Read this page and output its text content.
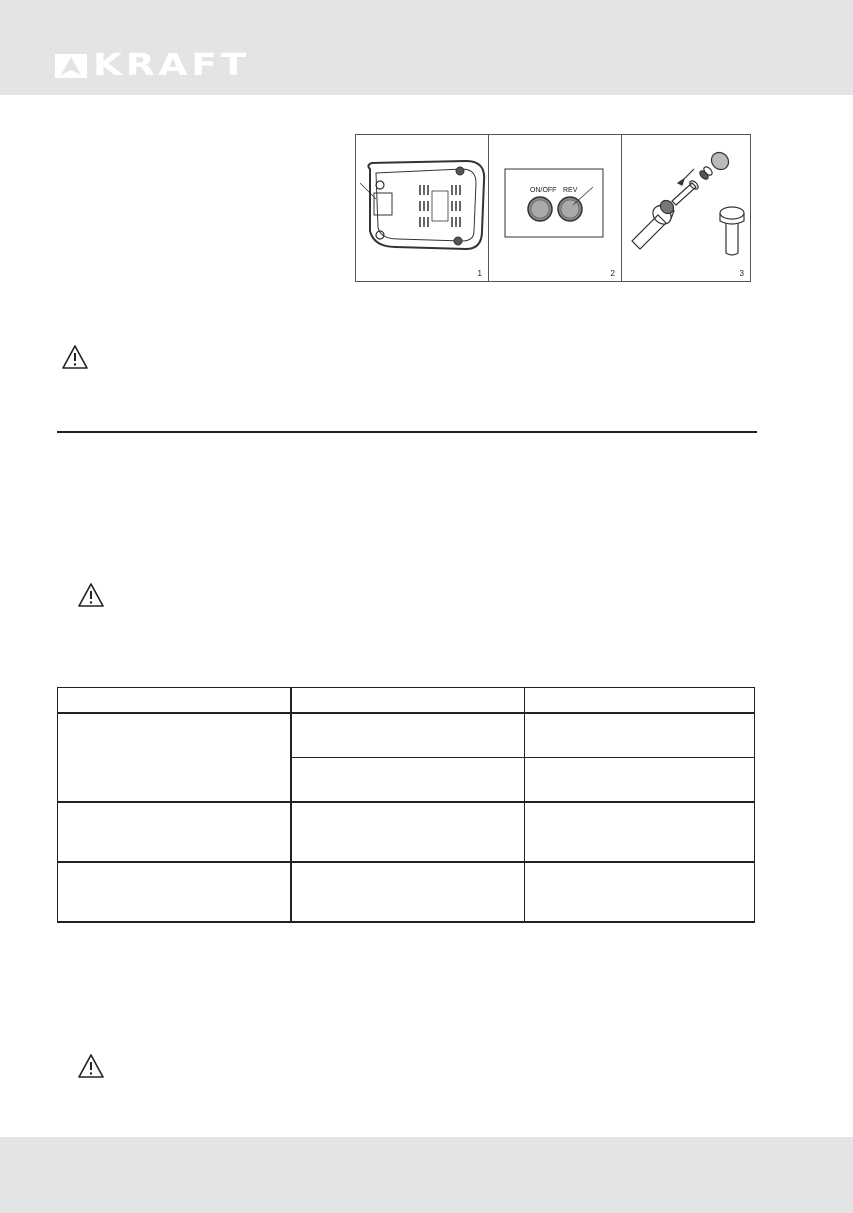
KRAFT
1
ON/OFF REV
2	3
